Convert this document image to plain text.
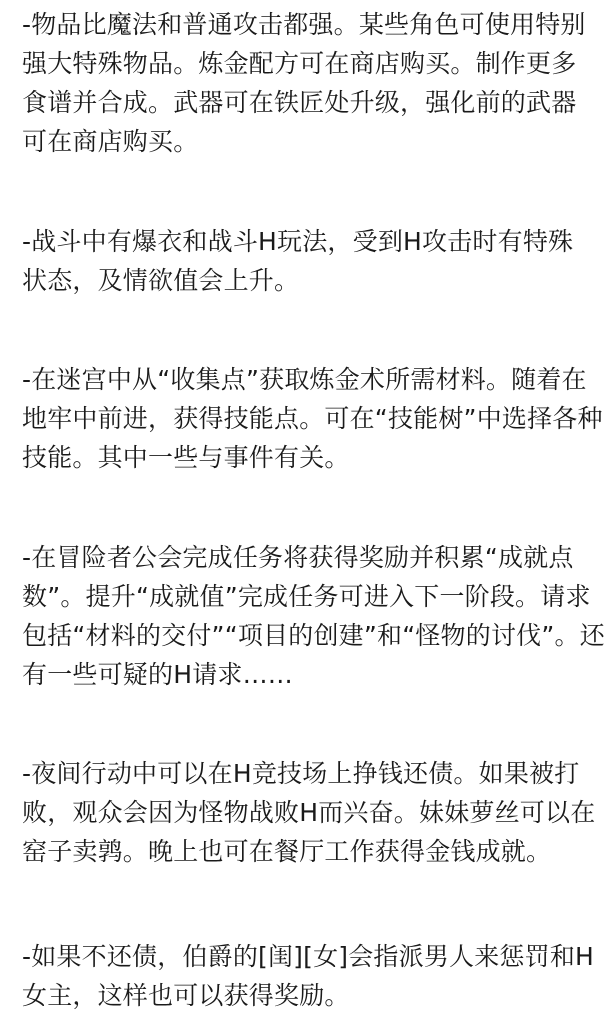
-物品比魔法和普通攻击都强。某些角色可使用特别
强大特殊物品。炼金配方可在商店购买。制作更多
食谱并合成。武器可在铁匠处升级，强化前的武器
可在商店购买。

-战斗中有爆衣和战斗H玩法，受到H攻击时有特殊
状态，及情欲值会上升。

-在迷宫中从“收集点”获取炼金术所需材料。随着在
地牢中前进，获得技能点。可在“技能树”中选择各种
技能。其中一些与事件有关。

-在冒险者公会完成任务将获得奖励并积累“成就点
数”。提升“成就值”完成任务可进入下一阶段。请求
包括“材料的交付”“项目的创建”和“怪物的讨伐”。还
有一些可疑的H请求……

-夜间行动中可以在H竞技场上挣钱还债。如果被打
败，观众会因为怪物战败H而兴奋。妹妹萝丝可以在
窑子卖鹑。晚上也可在餐厅工作获得金钱成就。

-如果不还债，伯爵的[闺][女]会指派男人来惩罚和H
女主，这样也可以获得奖励。
